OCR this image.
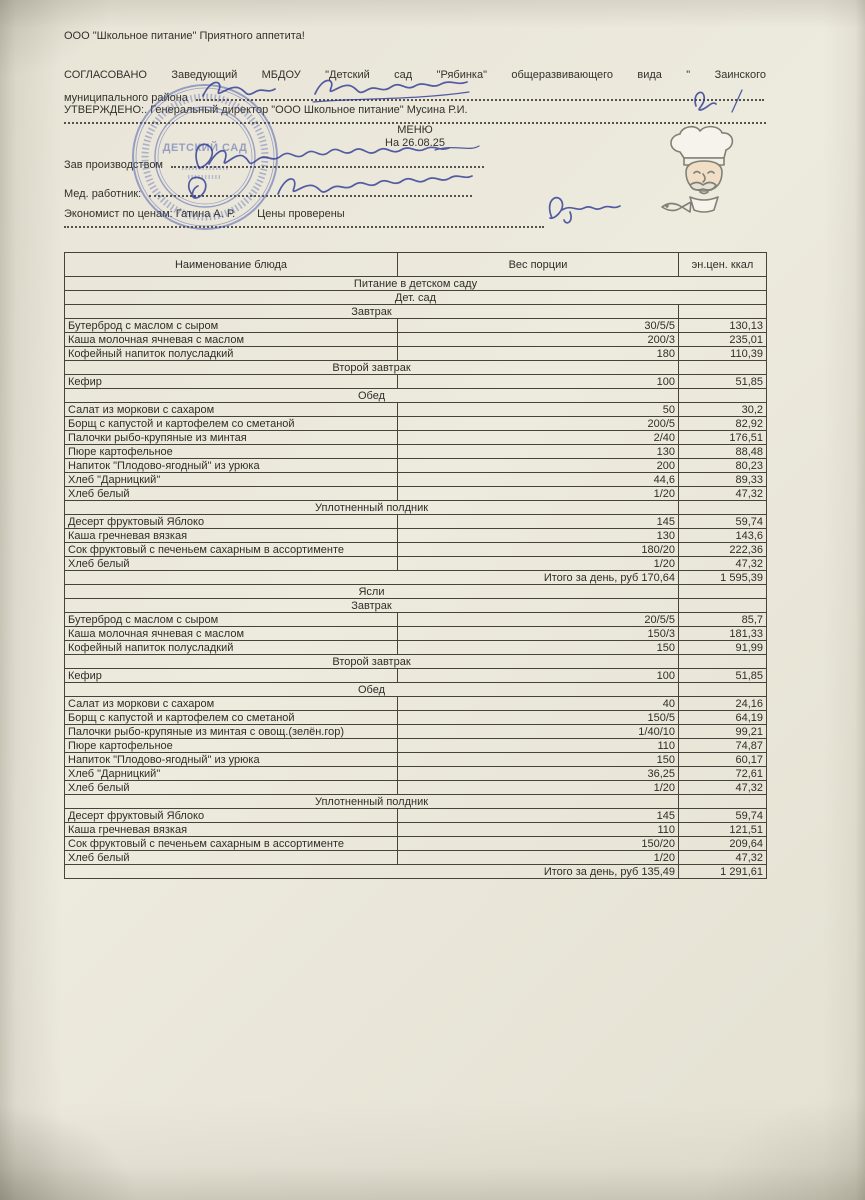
ООО "Школьное питание" Приятного аппетита!
СОГЛАСОВАНО Заведующий МБДОУ "Детский сад "Рябинка" общеразвивающего вида " Заинского
муниципального района
УТВЕРЖДЕНО:. Генеральный директор "ООО Школьное питание" Мусина Р.И.
МЕНЮ
На 26.08.25
Зав производством
Мед. работник:
Экономист по ценам: Гатина А. Р. Цены проверены
ДЕТСКИЙ САД
Наименование блюда	Вес порции	эн.цен. ккал
Питание в детском саду		
Дет. сад		
Завтрак		
Бутерброд с маслом с сыром	30/5/5	130,13
Каша молочная ячневая с маслом	200/3	235,01
Кофейный напиток полусладкий	180	110,39
Второй завтрак		
Кефир	100	51,85
Обед		
Салат из моркови с сахаром	50	30,2
Борщ с капустой и картофелем со сметаной	200/5	82,92
Палочки рыбо-крупяные из минтая	2/40	176,51
Пюре картофельное	130	88,48
Напиток "Плодово-ягодный" из урюка	200	80,23
Хлеб "Дарницкий"	44,6	89,33
Хлеб белый	1/20	47,32
Уплотненный полдник		
Десерт фруктовый Яблоко	145	59,74
Каша гречневая вязкая	130	143,6
Сок фруктовый с печеньем сахарным в ассортименте	180/20	222,36
Хлеб белый	1/20	47,32
Итого за день, руб 170,64		1 595,39
Ясли		
Завтрак		
Бутерброд с маслом с сыром	20/5/5	85,7
Каша молочная ячневая с маслом	150/3	181,33
Кофейный напиток полусладкий	150	91,99
Второй завтрак		
Кефир	100	51,85
Обед		
Салат из моркови с сахаром	40	24,16
Борщ с капустой и картофелем со сметаной	150/5	64,19
Палочки рыбо-крупяные из минтая с овощ.(зелён.гор)	1/40/10	99,21
Пюре картофельное	110	74,87
Напиток "Плодово-ягодный" из урюка	150	60,17
Хлеб "Дарницкий"	36,25	72,61
Хлеб белый	1/20	47,32
Уплотненный полдник		
Десерт фруктовый Яблоко	145	59,74
Каша гречневая вязкая	110	121,51
Сок фруктовый с печеньем сахарным в ассортименте	150/20	209,64
Хлеб белый	1/20	47,32
Итого за день, руб 135,49		1 291,61
